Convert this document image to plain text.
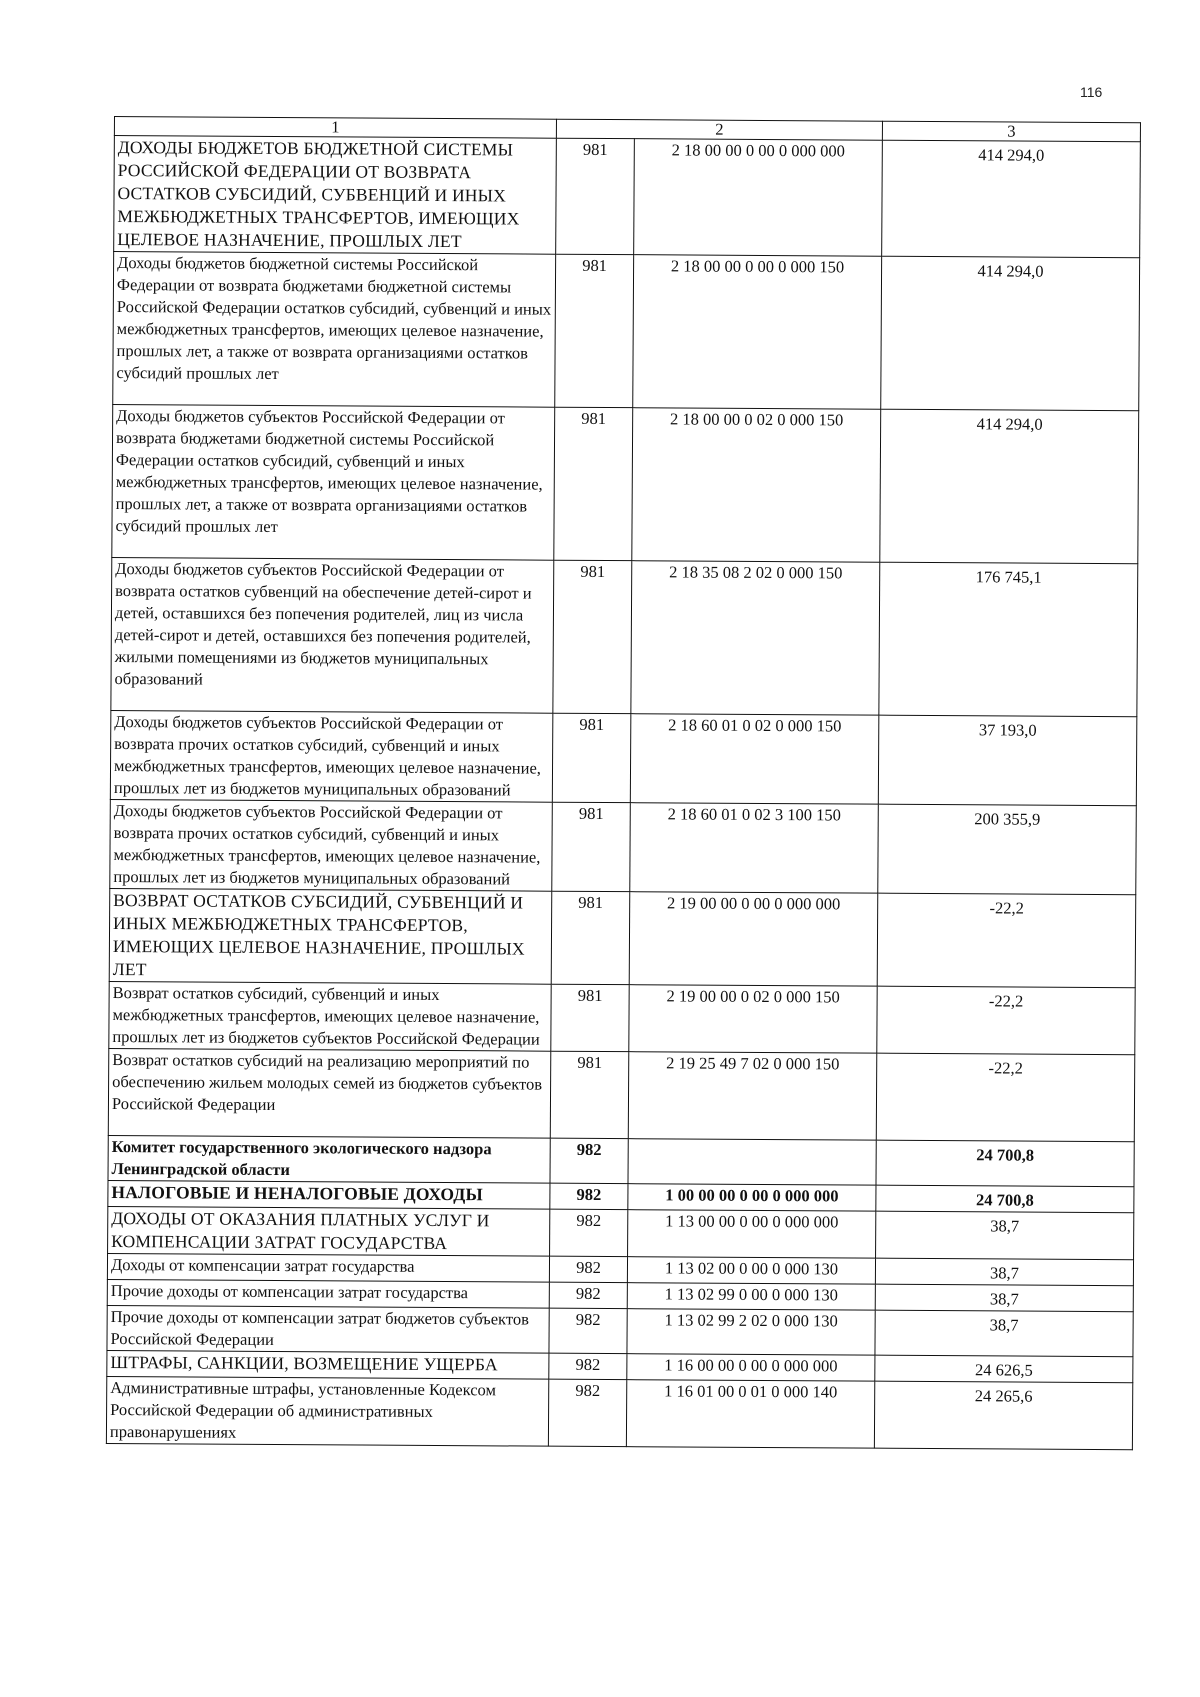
116
1	2		3
ДОХОДЫ БЮДЖЕТОВ БЮДЖЕТНОЙ СИСТЕМЫ РОССИЙСКОЙ ФЕДЕРАЦИИ ОТ ВОЗВРАТА ОСТАТКОВ СУБСИДИЙ, СУБВЕНЦИЙ И ИНЫХ МЕЖБЮДЖЕТНЫХ ТРАНСФЕРТОВ, ИМЕЮЩИХ ЦЕЛЕВОЕ НАЗНАЧЕНИЕ, ПРОШЛЫХ ЛЕТ	981	2 18 00 00 0 00 0 000 000	414 294,0
Доходы бюджетов бюджетной системы Российской Федерации от возврата бюджетами бюджетной системы Российской Федерации остатков субсидий, субвенций и иных межбюджетных трансфертов, имеющих целевое назначение, прошлых лет, а также от возврата организациями остатков субсидий прошлых лет	981	2 18 00 00 0 00 0 000 150	414 294,0
Доходы бюджетов субъектов Российской Федерации от возврата бюджетами бюджетной системы Российской Федерации остатков субсидий, субвенций и иных межбюджетных трансфертов, имеющих целевое назначение, прошлых лет, а также от возврата организациями остатков субсидий прошлых лет	981	2 18 00 00 0 02 0 000 150	414 294,0
Доходы бюджетов субъектов Российской Федерации от возврата остатков субвенций на обеспечение детей-сирот и детей, оставшихся без попечения родителей, лиц из числа детей-сирот и детей, оставшихся без попечения родителей, жилыми помещениями из бюджетов муниципальных образований	981	2 18 35 08 2 02 0 000 150	176 745,1
Доходы бюджетов субъектов Российской Федерации от возврата прочих остатков субсидий, субвенций и иных межбюджетных трансфертов, имеющих целевое назначение, прошлых лет из бюджетов муниципальных образований	981	2 18 60 01 0 02 0 000 150	37 193,0
Доходы бюджетов субъектов Российской Федерации от возврата прочих остатков субсидий, субвенций и иных межбюджетных трансфертов, имеющих целевое назначение, прошлых лет из бюджетов муниципальных образований	981	2 18 60 01 0 02 3 100 150	200 355,9
ВОЗВРАТ ОСТАТКОВ СУБСИДИЙ, СУБВЕНЦИЙ И ИНЫХ МЕЖБЮДЖЕТНЫХ ТРАНСФЕРТОВ, ИМЕЮЩИХ ЦЕЛЕВОЕ НАЗНАЧЕНИЕ, ПРОШЛЫХ ЛЕТ	981	2 19 00 00 0 00 0 000 000	-22,2
Возврат остатков субсидий, субвенций и иных межбюджетных трансфертов, имеющих целевое назначение, прошлых лет из бюджетов субъектов Российской Федерации	981	2 19 00 00 0 02 0 000 150	-22,2
Возврат остатков субсидий на реализацию мероприятий по обеспечению жильем молодых семей из бюджетов субъектов Российской Федерации	981	2 19 25 49 7 02 0 000 150	-22,2
Комитет государственного экологического надзора Ленинградской области	982		24 700,8
НАЛОГОВЫЕ И НЕНАЛОГОВЫЕ ДОХОДЫ	982	1 00 00 00 0 00 0 000 000	24 700,8
ДОХОДЫ ОТ ОКАЗАНИЯ ПЛАТНЫХ УСЛУГ И КОМПЕНСАЦИИ ЗАТРАТ ГОСУДАРСТВА	982	1 13 00 00 0 00 0 000 000	38,7
Доходы от компенсации затрат государства	982	1 13 02 00 0 00 0 000 130	38,7
Прочие доходы от компенсации затрат государства	982	1 13 02 99 0 00 0 000 130	38,7
Прочие доходы от компенсации затрат бюджетов субъектов Российской Федерации	982	1 13 02 99 2 02 0 000 130	38,7
ШТРАФЫ, САНКЦИИ, ВОЗМЕЩЕНИЕ УЩЕРБА	982	1 16 00 00 0 00 0 000 000	24 626,5
Административные штрафы, установленные Кодексом Российской Федерации об административных правонарушениях	982	1 16 01 00 0 01 0 000 140	24 265,6
